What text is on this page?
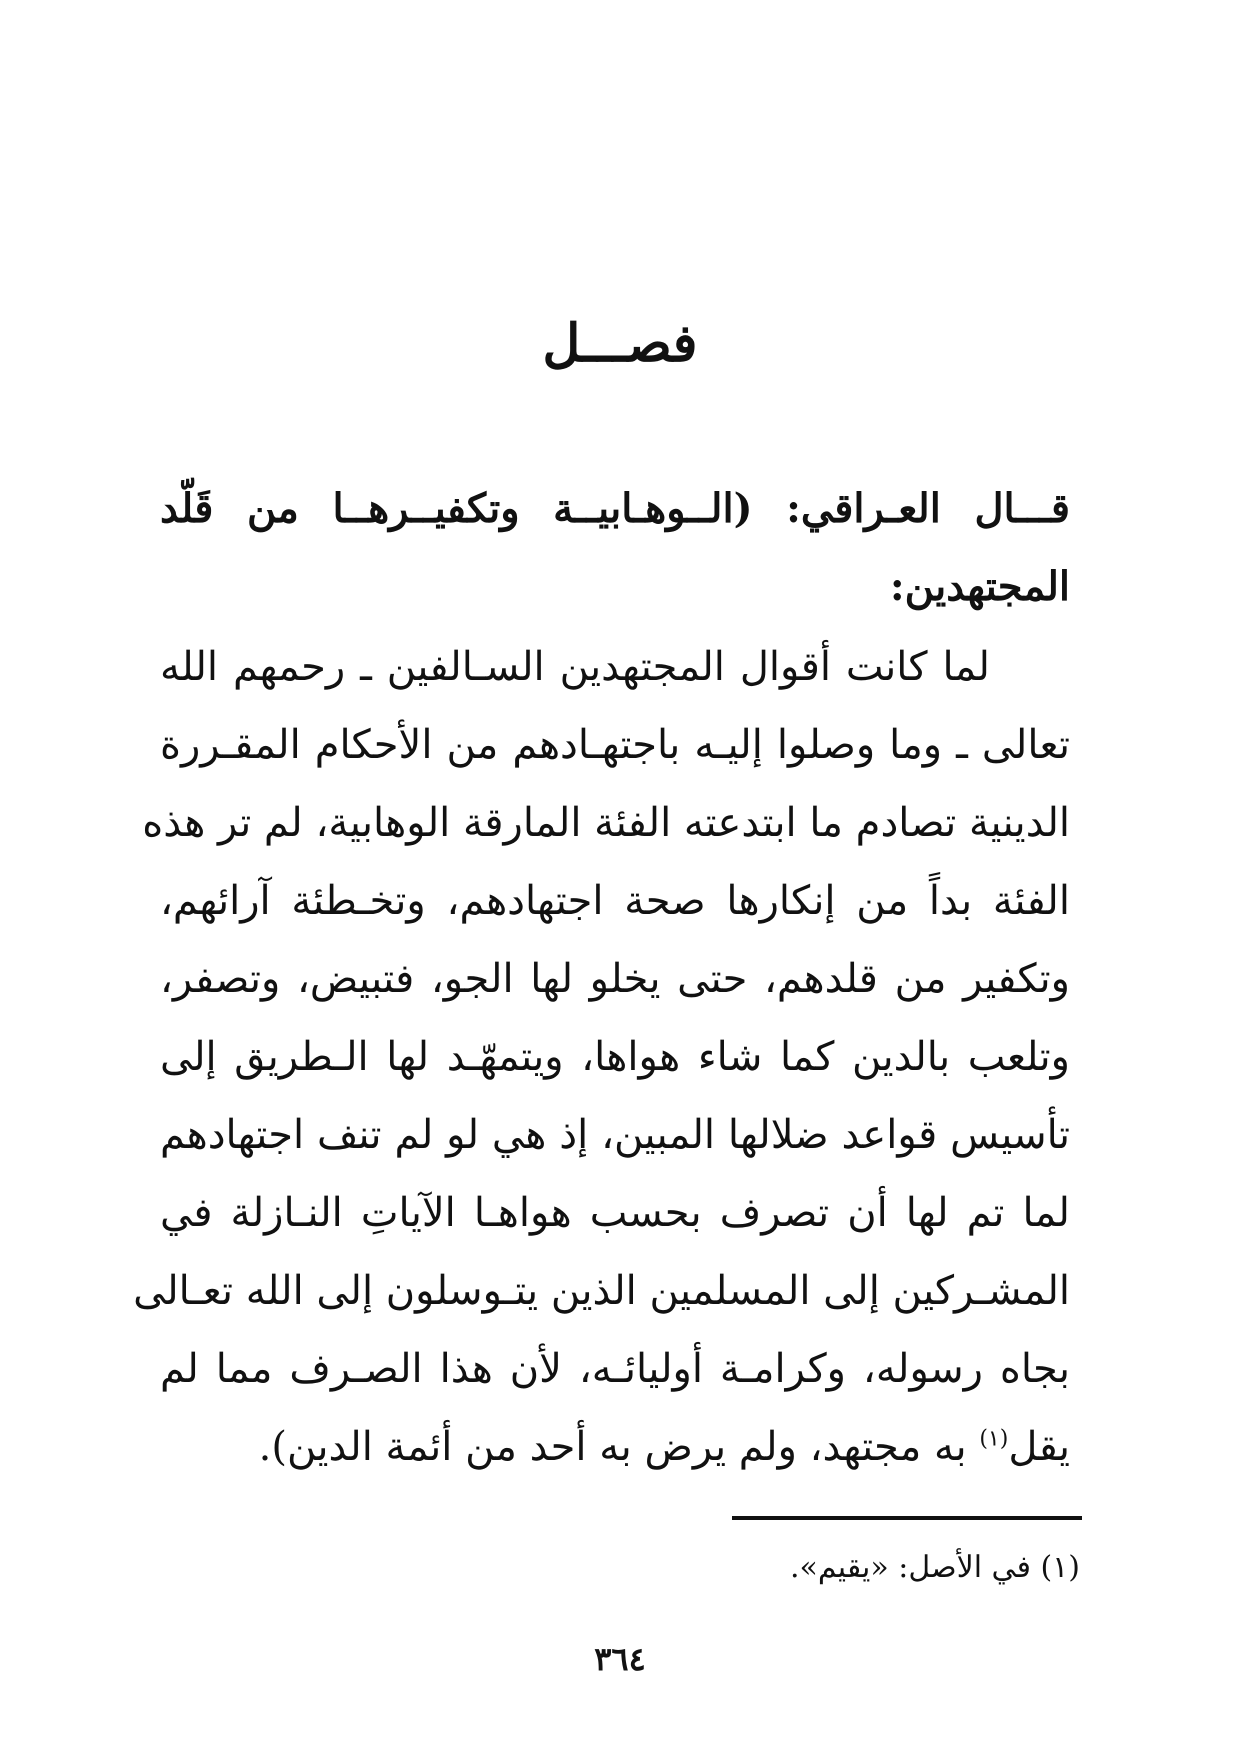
فصـــل
قـــال العـراقي: (الــوهـابيــة وتكفيــرهــا من قَلّد
المجتهدين:
لما كانت أقوال المجتهدين السـالفين ـ رحمهم الله
تعالى ـ وما وصلوا إليـه باجتهـادهم من الأحكام المقـررة
الدينية تصادم ما ابتدعته الفئة المارقة الوهابية، لم تر هذه
الفئة بداً من إنكارها صحة اجتهادهم، وتخـطئة آرائهم،
وتكفير من قلدهم، حتى يخلو لها الجو، فتبيض، وتصفر،
وتلعب بالدين كما شاء هواها، ويتمهّـد لها الـطريق إلى
تأسيس قواعد ضلالها المبين، إذ هي لو لم تنف اجتهادهم
لما تم لها أن تصرف بحسب هواهـا الآياتِ النـازلة في
المشـركين إلى المسلمين الذين يتـوسلون إلى الله تعـالى
بجاه رسوله، وكرامـة أوليائـه، لأن هذا الصـرف مما لم
يقل$^{(١)}$ به مجتهد، ولم يرض به أحد من أئمة الدين).
(١) في الأصل: «يقيم».
٣٦٤
